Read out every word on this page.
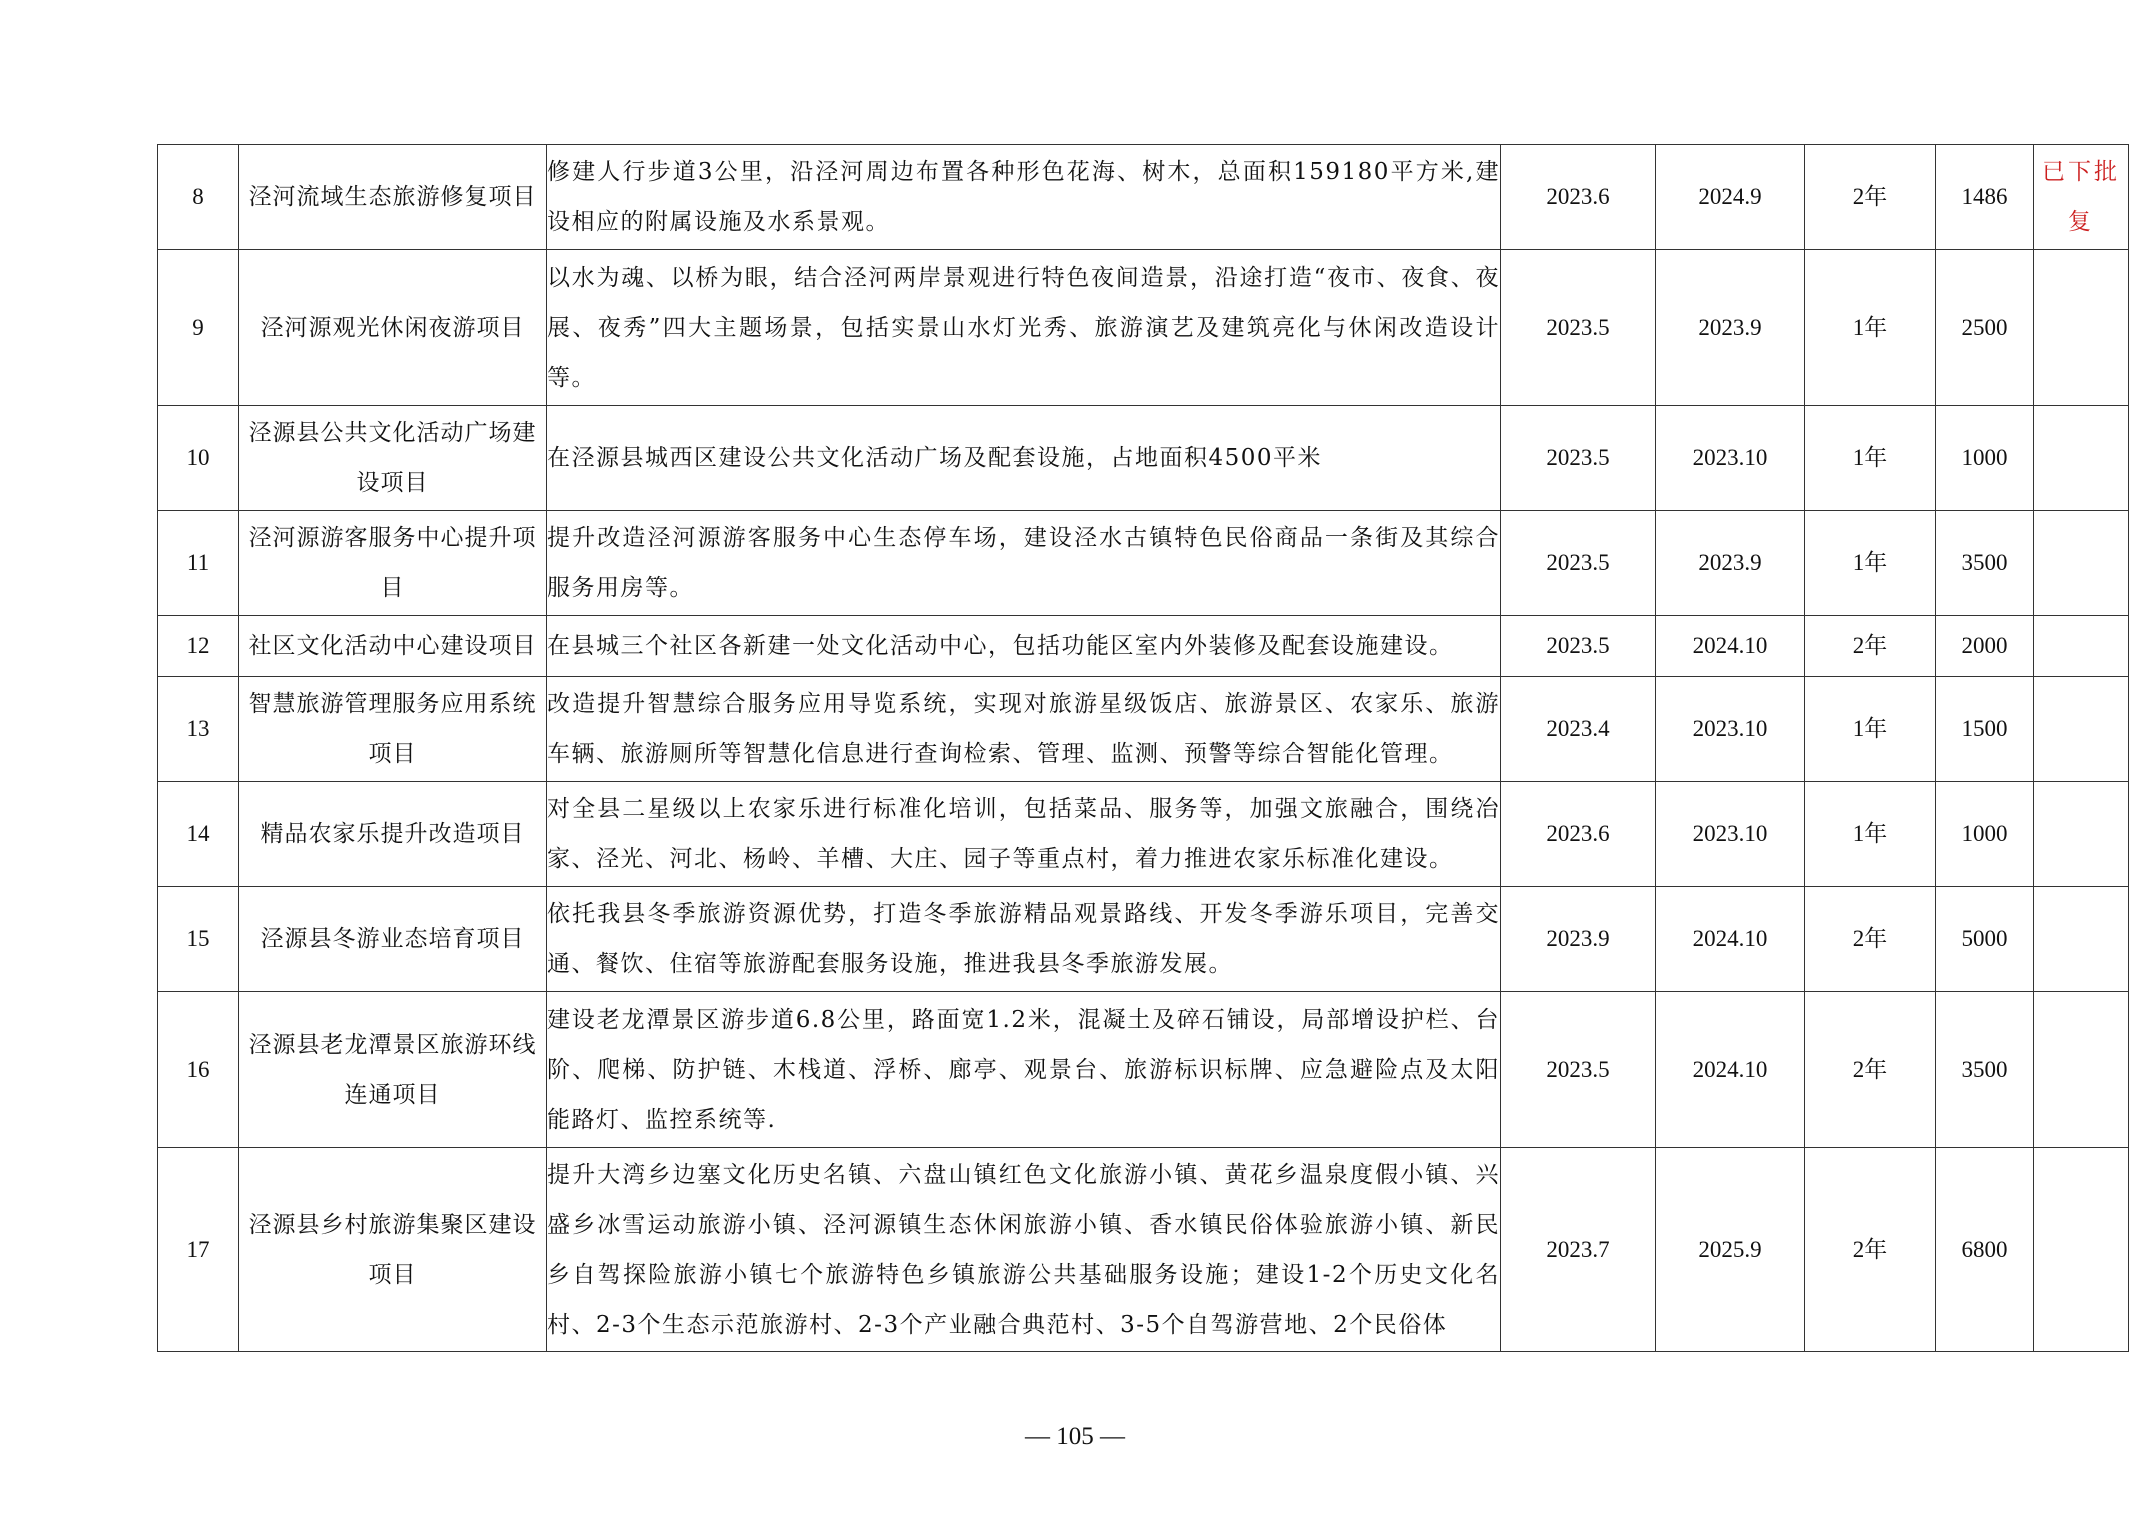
8	泾河流域生态旅游修复项目	修建人行步道3公里，沿泾河周边布置各种形色花海、树木，总面积159180平方米,建设相应的附属设施及水系景观。	2023.6	2024.9	2年	1486	已下批复
9	泾河源观光休闲夜游项目	以水为魂、以桥为眼，结合泾河两岸景观进行特色夜间造景，沿途打造“夜市、夜食、夜展、夜秀”四大主题场景，包括实景山水灯光秀、旅游演艺及建筑亮化与休闲改造设计等。	2023.5	2023.9	1年	2500	
10	泾源县公共文化活动广场建设项目	在泾源县城西区建设公共文化活动广场及配套设施，占地面积4500平米	2023.5	2023.10	1年	1000	
11	泾河源游客服务中心提升项目	提升改造泾河源游客服务中心生态停车场，建设泾水古镇特色民俗商品一条街及其综合服务用房等。	2023.5	2023.9	1年	3500	
12	社区文化活动中心建设项目	在县城三个社区各新建一处文化活动中心，包括功能区室内外装修及配套设施建设。	2023.5	2024.10	2年	2000	
13	智慧旅游管理服务应用系统项目	改造提升智慧综合服务应用导览系统，实现对旅游星级饭店、旅游景区、农家乐、旅游车辆、旅游厕所等智慧化信息进行查询检索、管理、监测、预警等综合智能化管理。	2023.4	2023.10	1年	1500	
14	精品农家乐提升改造项目	对全县二星级以上农家乐进行标准化培训，包括菜品、服务等，加强文旅融合，围绕冶家、泾光、河北、杨岭、羊槽、大庄、园子等重点村，着力推进农家乐标准化建设。	2023.6	2023.10	1年	1000	
15	泾源县冬游业态培育项目	依托我县冬季旅游资源优势，打造冬季旅游精品观景路线、开发冬季游乐项目，完善交通、餐饮、住宿等旅游配套服务设施，推进我县冬季旅游发展。	2023.9	2024.10	2年	5000	
16	泾源县老龙潭景区旅游环线连通项目	建设老龙潭景区游步道6.8公里，路面宽1.2米，混凝土及碎石铺设，局部增设护栏、台阶、爬梯、防护链、木栈道、浮桥、廊亭、观景台、旅游标识标牌、应急避险点及太阳能路灯、监控系统等.	2023.5	2024.10	2年	3500	
17	泾源县乡村旅游集聚区建设项目	提升大湾乡边塞文化历史名镇、六盘山镇红色文化旅游小镇、黄花乡温泉度假小镇、兴盛乡冰雪运动旅游小镇、泾河源镇生态休闲旅游小镇、香水镇民俗体验旅游小镇、新民乡自驾探险旅游小镇七个旅游特色乡镇旅游公共基础服务设施；建设1-2个历史文化名村、2-3个生态示范旅游村、2-3个产业融合典范村、3-5个自驾游营地、2个民俗体	2023.7	2025.9	2年	6800	
— 105 —
